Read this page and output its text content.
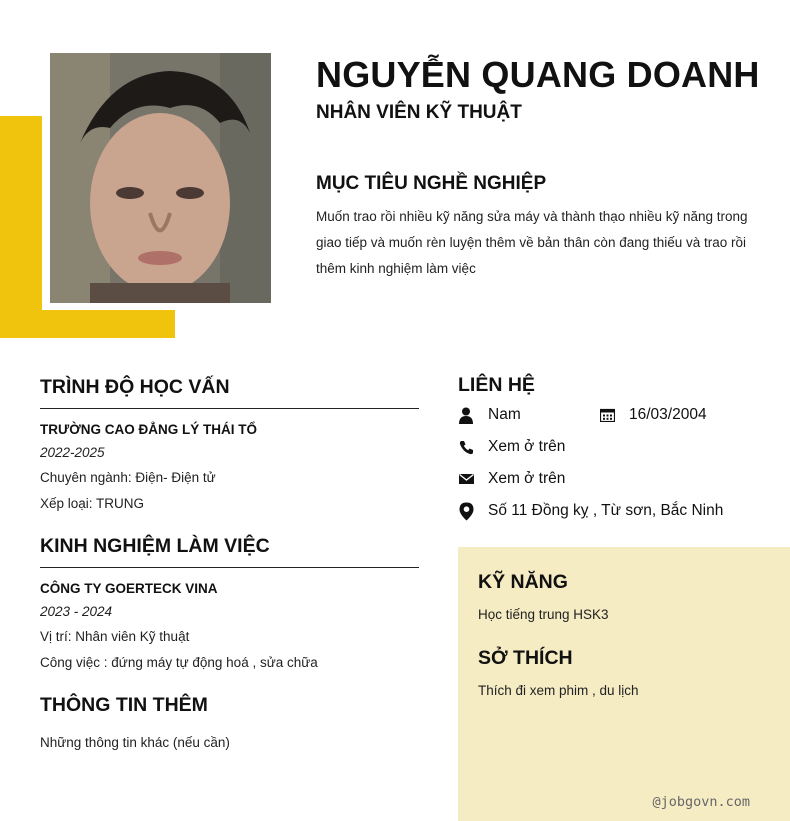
NGUYỄN QUANG DOANH
NHÂN VIÊN KỸ THUẬT
MỤC TIÊU NGHỀ NGHIỆP
Muốn trao rồi nhiều kỹ năng sửa máy và thành thạo nhiều kỹ năng trong giao tiếp và muốn rèn luyện thêm về bản thân còn đang thiếu và trao rồi thêm kinh nghiệm làm việc
TRÌNH ĐỘ HỌC VẤN
TRƯỜNG CAO ĐẲNG LÝ THÁI TỔ
2022-2025
Chuyên ngành: Điện- Điện tử
Xếp loại: TRUNG
KINH NGHIỆM LÀM VIỆC
CÔNG TY GOERTECK VINA
2023 - 2024
Vị trí: Nhân viên Kỹ thuật
Công việc : đứng máy tự động hoá , sửa chữa
THÔNG TIN THÊM
Những thông tin khác (nếu cần)
LIÊN HỆ
Nam	16/03/2004
Xem ở trên
Xem ở trên
Số 11 Đồng kỵ , Từ sơn, Bắc Ninh
KỸ NĂNG
Học tiếng trung HSK3
SỞ THÍCH
Thích đi xem phim , du lịch
@jobgovn.com
